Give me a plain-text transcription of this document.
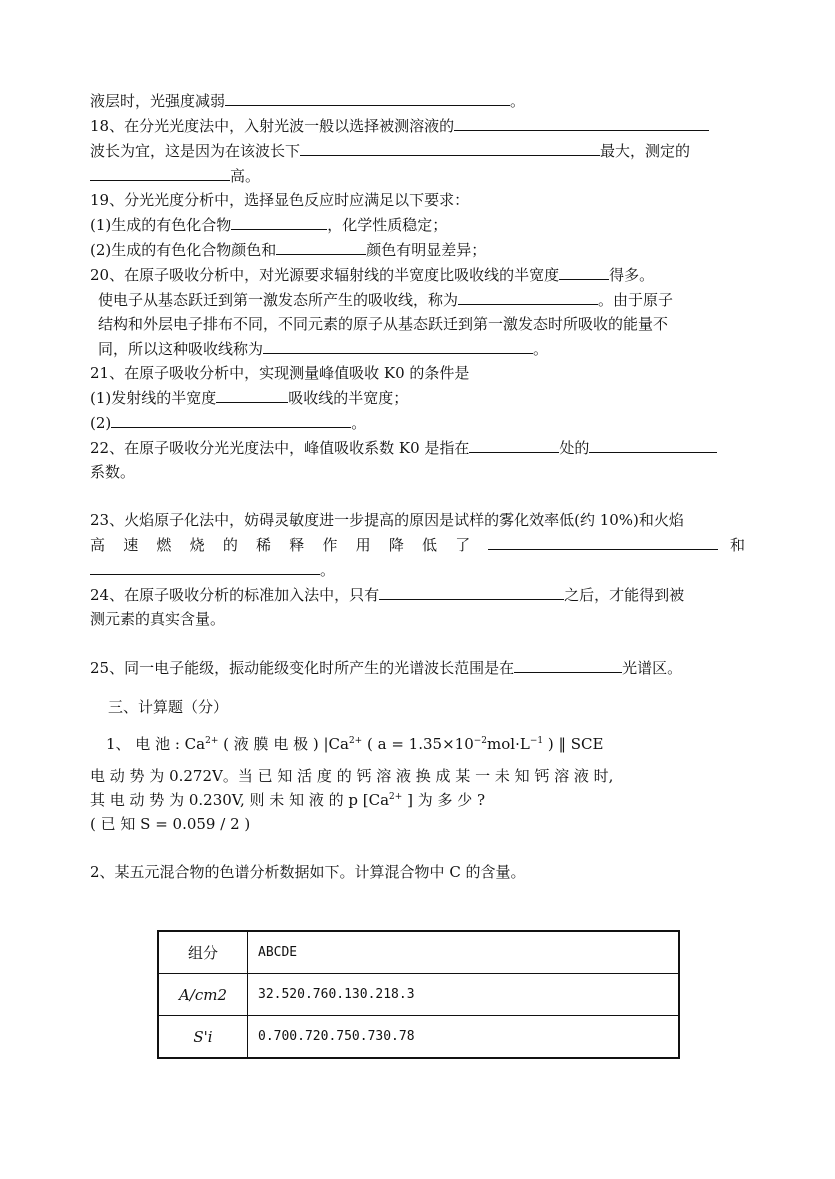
液层时，光强度减弱	。
18、在分光光度法中，入射光波一般以选择被测溶液的
波长为宜，这是因为在该波长下	最大，测定的
高。
19、分光光度分析中，选择显色反应时应满足以下要求：
(1)生成的有色化合物	，化学性质稳定；
(2)生成的有色化合物颜色和	颜色有明显差异；
20、在原子吸收分析中，对光源要求辐射线的半宽度比吸收线的半宽度	得多。
使电子从基态跃迁到第一激发态所产生的吸收线，称为	。由于原子
结构和外层电子排布不同，不同元素的原子从基态跃迁到第一激发态时所吸收的能量不
同，所以这种吸收线称为	。
21、在原子吸收分析中，实现测量峰值吸收 K0 的条件是
(1)发射线的半宽度	吸收线的半宽度；
(2)	。
22、在原子吸收分光光度法中，峰值吸收系数 K0 是指在	处的
系数。
23、火焰原子化法中，妨碍灵敏度进一步提高的原因是试样的雾化效率低(约 10%)和火焰
高 速 燃 烧 的 稀 释 作 用 降 低 了	和
。
24、在原子吸收分析的标准加入法中，只有	之后，才能得到被
测元素的真实含量。
25、同一电子能级，振动能级变化时所产生的光谱波长范围是在	光谱区。
三、计算题（分）
1、 电 池 : $Ca^{2+}$ ( 液 膜 电 极 ) $|Ca^{2+}$ ( $a = 1.35\times 10^{-2}mol\cdot L^{-1}$ ) ‖ SCE
电 动 势 为 0.272V。当 已 知 活 度 的 钙 溶 液 换 成 某 一 未 知 钙 溶 液 时,
其 电 动 势 为 0.230V, 则 未 知 液 的 p [$Ca^{2+}$ ] 为 多 少 ?
( 已 知 S = 0.059 / 2 )
2、某五元混合物的色谱分析数据如下。计算混合物中 C 的含量。
组分	ABCDE
A/cm2	32.520.760.130.218.3
S'i	0.700.720.750.730.78
